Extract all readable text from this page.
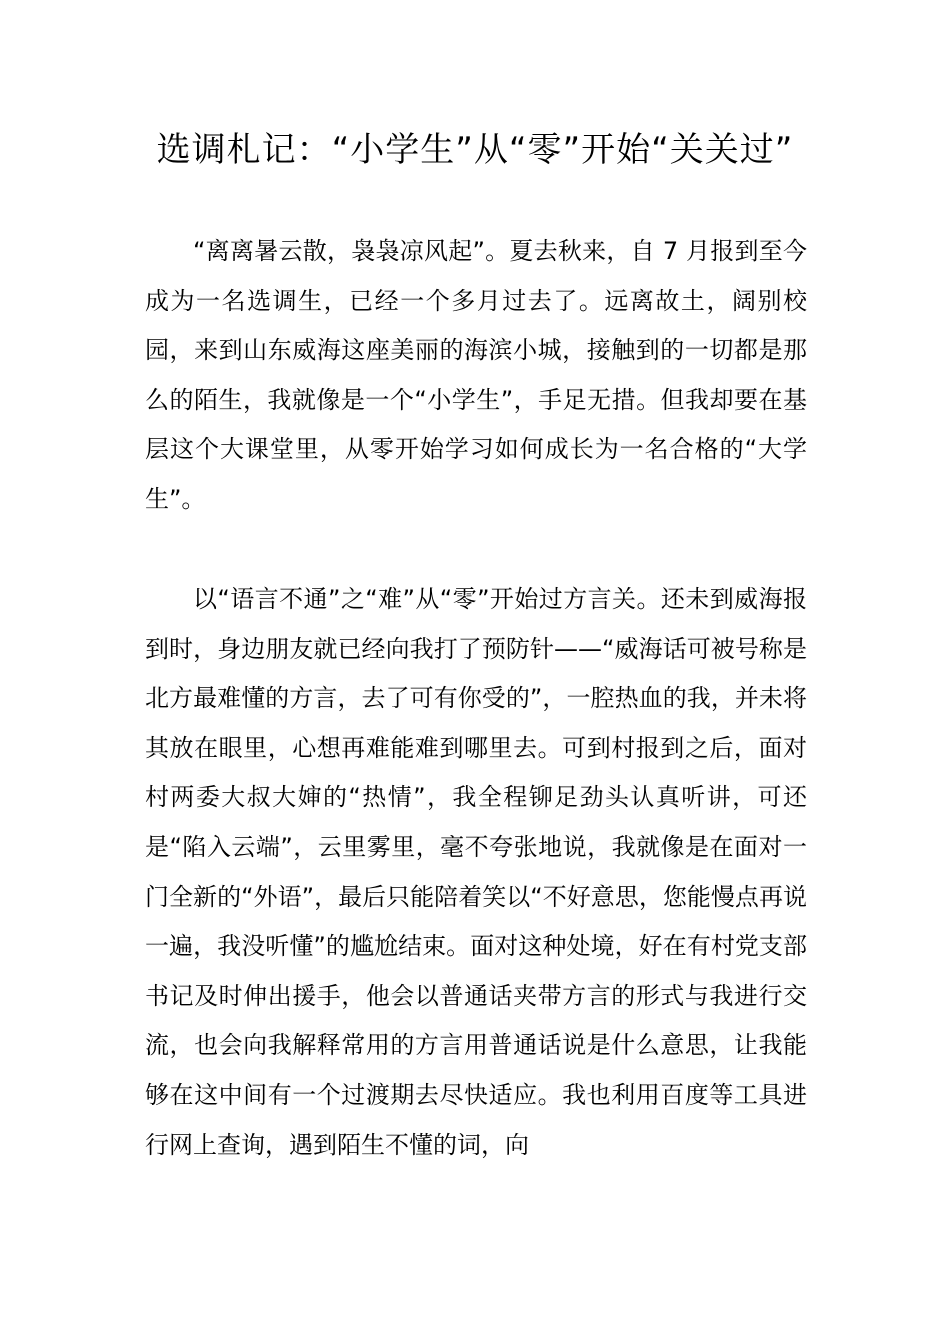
选调札记：“小学生”从“零”开始“关关过”

“离离暑云散，袅袅凉风起”。夏去秋来，自 7 月报到至今成为一名选调生，已经一个多月过去了。远离故土，阔别校园，来到山东威海这座美丽的海滨小城，接触到的一切都是那么的陌生，我就像是一个“小学生”，手足无措。但我却要在基层这个大课堂里，从零开始学习如何成长为一名合格的“大学生”。

以“语言不通”之“难”从“零”开始过方言关。还未到威海报到时，身边朋友就已经向我打了预防针——“威海话可被号称是北方最难懂的方言，去了可有你受的”，一腔热血的我，并未将其放在眼里，心想再难能难到哪里去。可到村报到之后，面对村两委大叔大婶的“热情”，我全程铆足劲头认真听讲，可还是“陷入云端”，云里雾里，毫不夸张地说，我就像是在面对一门全新的“外语”，最后只能陪着笑以“不好意思，您能慢点再说一遍，我没听懂”的尴尬结束。面对这种处境，好在有村党支部书记及时伸出援手，他会以普通话夹带方言的形式与我进行交流，也会向我解释常用的方言用普通话说是什么意思，让我能够在这中间有一个过渡期去尽快适应。我也利用百度等工具进行网上查询，遇到陌生不懂的词，向
